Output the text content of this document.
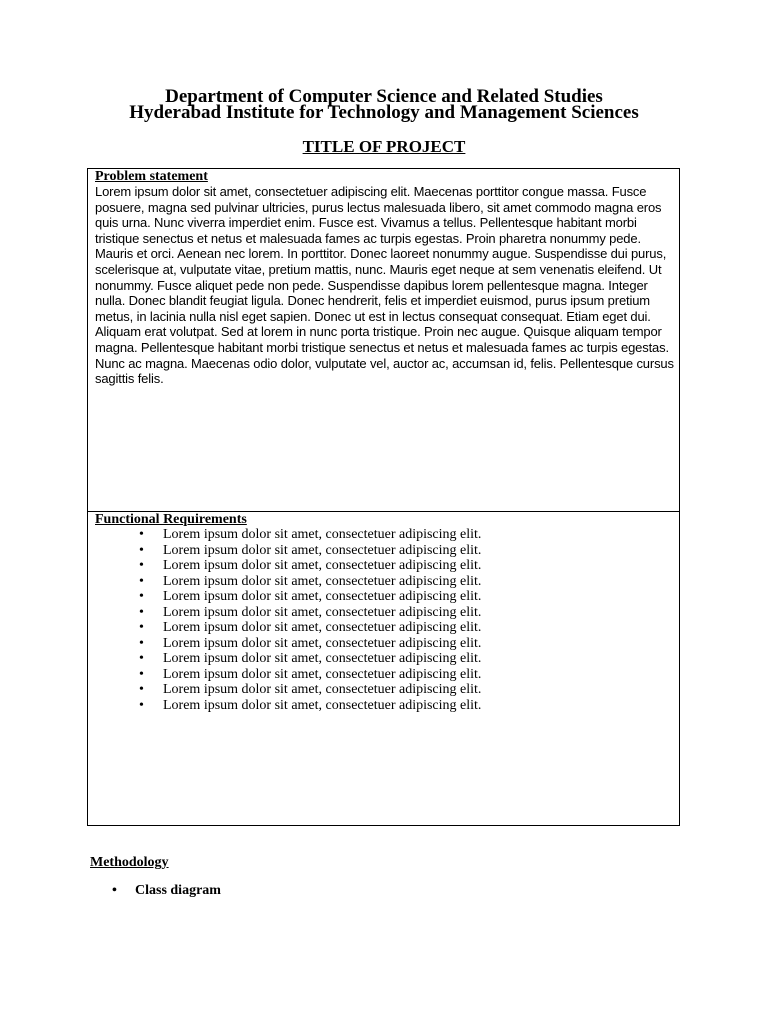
Department of Computer Science and Related Studies
Hyderabad Institute for Technology and Management Sciences
TITLE OF PROJECT
Problem statement
Lorem ipsum dolor sit amet, consectetuer adipiscing elit. Maecenas porttitor congue massa. Fusce posuere, magna sed pulvinar ultricies, purus lectus malesuada libero, sit amet commodo magna eros quis urna. Nunc viverra imperdiet enim. Fusce est. Vivamus a tellus. Pellentesque habitant morbi tristique senectus et netus et malesuada fames ac turpis egestas. Proin pharetra nonummy pede. Mauris et orci. Aenean nec lorem. In porttitor. Donec laoreet nonummy augue. Suspendisse dui purus, scelerisque at, vulputate vitae, pretium mattis, nunc. Mauris eget neque at sem venenatis eleifend. Ut nonummy. Fusce aliquet pede non pede. Suspendisse dapibus lorem pellentesque magna. Integer nulla. Donec blandit feugiat ligula. Donec hendrerit, felis et imperdiet euismod, purus ipsum pretium metus, in lacinia nulla nisl eget sapien. Donec ut est in lectus consequat consequat. Etiam eget dui. Aliquam erat volutpat. Sed at lorem in nunc porta tristique. Proin nec augue. Quisque aliquam tempor magna. Pellentesque habitant morbi tristique senectus et netus et malesuada fames ac turpis egestas. Nunc ac magna. Maecenas odio dolor, vulputate vel, auctor ac, accumsan id, felis. Pellentesque cursus sagittis felis.
Functional Requirements
• Lorem ipsum dolor sit amet, consectetuer adipiscing elit.
• Lorem ipsum dolor sit amet, consectetuer adipiscing elit.
• Lorem ipsum dolor sit amet, consectetuer adipiscing elit.
• Lorem ipsum dolor sit amet, consectetuer adipiscing elit.
• Lorem ipsum dolor sit amet, consectetuer adipiscing elit.
• Lorem ipsum dolor sit amet, consectetuer adipiscing elit.
• Lorem ipsum dolor sit amet, consectetuer adipiscing elit.
• Lorem ipsum dolor sit amet, consectetuer adipiscing elit.
• Lorem ipsum dolor sit amet, consectetuer adipiscing elit.
• Lorem ipsum dolor sit amet, consectetuer adipiscing elit.
• Lorem ipsum dolor sit amet, consectetuer adipiscing elit.
• Lorem ipsum dolor sit amet, consectetuer adipiscing elit.
Methodology
• Class diagram
